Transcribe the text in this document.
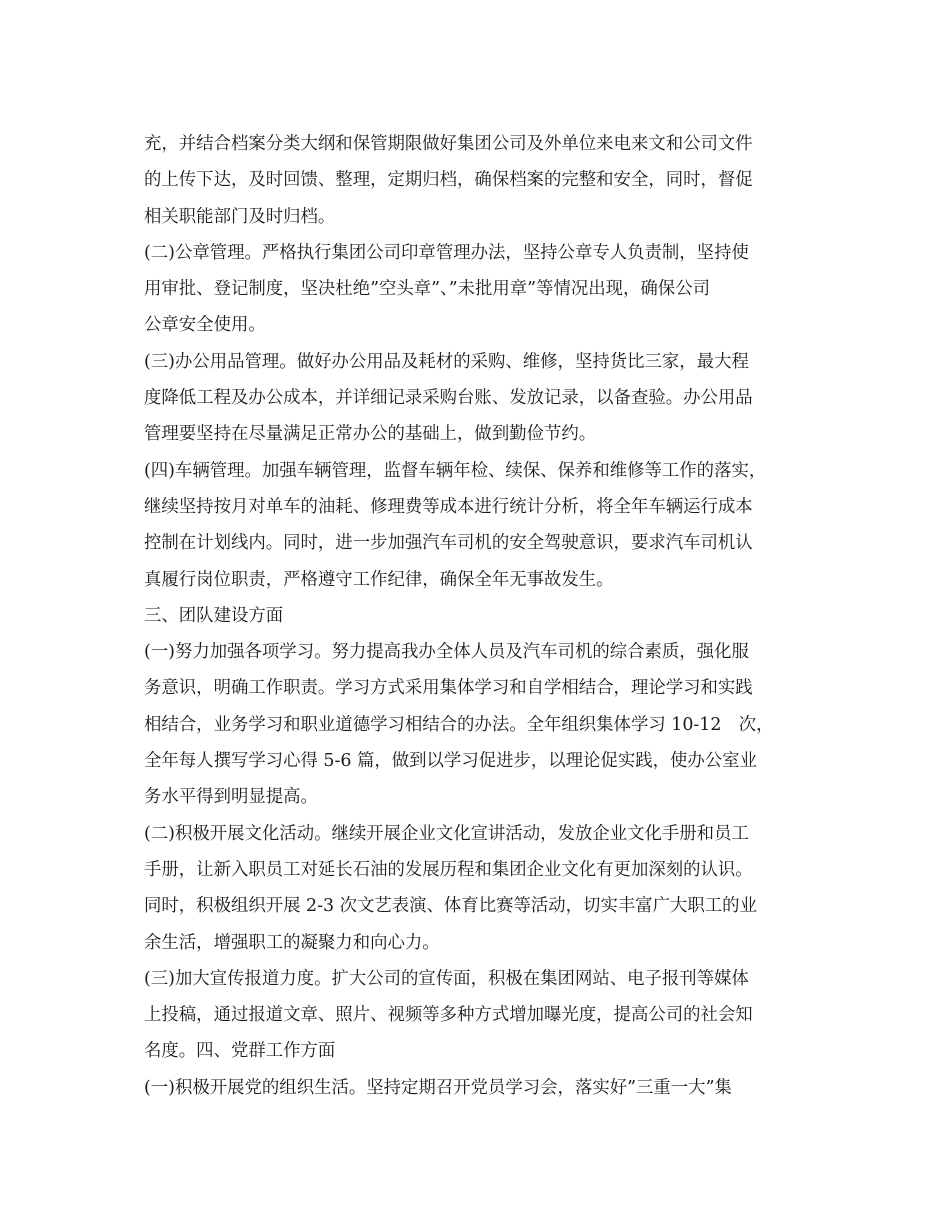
充，并结合档案分类大纲和保管期限做好集团公司及外单位来电来文和公司文件
的上传下达，及时回馈、整理，定期归档，确保档案的完整和安全，同时，督促
相关职能部门及时归档。
(二)公章管理。严格执行集团公司印章管理办法，坚持公章专人负责制，坚持使
用审批、登记制度，坚决杜绝”空头章”、”未批用章”等情况出现，确保公司
公章安全使用。
(三)办公用品管理。做好办公用品及耗材的采购、维修，坚持货比三家，最大程
度降低工程及办公成本，并详细记录采购台账、发放记录，以备查验。办公用品
管理要坚持在尽量满足正常办公的基础上，做到勤俭节约。
(四)车辆管理。加强车辆管理，监督车辆年检、续保、保养和维修等工作的落实，
继续坚持按月对单车的油耗、修理费等成本进行统计分析，将全年车辆运行成本
控制在计划线内。同时，进一步加强汽车司机的安全驾驶意识，要求汽车司机认
真履行岗位职责，严格遵守工作纪律，确保全年无事故发生。
三、团队建设方面
(一)努力加强各项学习。努力提高我办全体人员及汽车司机的综合素质，强化服
务意识，明确工作职责。学习方式采用集体学习和自学相结合，理论学习和实践
相结合，业务学习和职业道德学习相结合的办法。全年组织集体学习 10-12　次，
全年每人撰写学习心得 5-6 篇，做到以学习促进步，以理论促实践，使办公室业
务水平得到明显提高。
(二)积极开展文化活动。继续开展企业文化宣讲活动，发放企业文化手册和员工
手册，让新入职员工对延长石油的发展历程和集团企业文化有更加深刻的认识。
同时，积极组织开展 2-3 次文艺表演、体育比赛等活动，切实丰富广大职工的业
余生活，增强职工的凝聚力和向心力。
(三)加大宣传报道力度。扩大公司的宣传面，积极在集团网站、电子报刊等媒体
上投稿，通过报道文章、照片、视频等多种方式增加曝光度，提高公司的社会知
名度。四、党群工作方面
(一)积极开展党的组织生活。坚持定期召开党员学习会，落实好”三重一大”集
